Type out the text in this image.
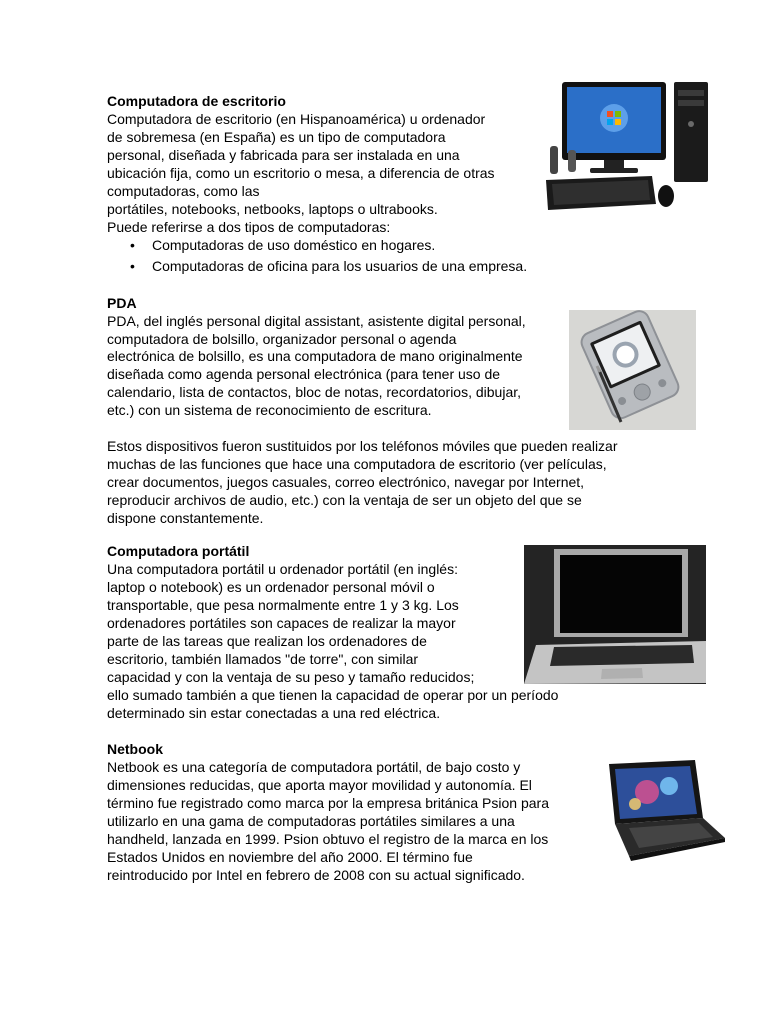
Computadora de escritorio
Computadora de escritorio (en Hispanoamérica) u ordenador
de sobremesa (en España) es un tipo de computadora
personal, diseñada y fabricada para ser instalada en una
ubicación fija, como un escritorio o mesa, a diferencia de otras
computadoras, como las
portátiles, notebooks, netbooks, laptops o ultrabooks.
Puede referirse a dos tipos de computadoras:
• Computadoras de uso doméstico en hogares.
• Computadoras de oficina para los usuarios de una empresa.
PDA
PDA, del inglés personal digital assistant, asistente digital personal,
computadora de bolsillo, organizador personal o agenda
electrónica de bolsillo, es una computadora de mano originalmente
diseñada como agenda personal electrónica (para tener uso de
calendario, lista de contactos, bloc de notas, recordatorios, dibujar,
etc.) con un sistema de reconocimiento de escritura.
Estos dispositivos fueron sustituidos por los teléfonos móviles que pueden realizar
muchas de las funciones que hace una computadora de escritorio (ver películas,
crear documentos, juegos casuales, correo electrónico, navegar por Internet,
reproducir archivos de audio, etc.) con la ventaja de ser un objeto del que se
dispone constantemente.
Computadora portátil
Una computadora portátil u ordenador portátil (en inglés:
laptop o notebook) es un ordenador personal móvil o
transportable, que pesa normalmente entre 1 y 3 kg. Los
ordenadores portátiles son capaces de realizar la mayor
parte de las tareas que realizan los ordenadores de
escritorio, también llamados "de torre", con similar
capacidad y con la ventaja de su peso y tamaño reducidos;
ello sumado también a que tienen la capacidad de operar por un período
determinado sin estar conectadas a una red eléctrica.
Netbook
Netbook es una categoría de computadora portátil, de bajo costo y
dimensiones reducidas, que aporta mayor movilidad y autonomía. El
término fue registrado como marca por la empresa británica Psion para
utilizarlo en una gama de computadoras portátiles similares a una
handheld, lanzada en 1999. Psion obtuvo el registro de la marca en los
Estados Unidos en noviembre del año 2000. El término fue
reintroducido por Intel en febrero de 2008 con su actual significado.
